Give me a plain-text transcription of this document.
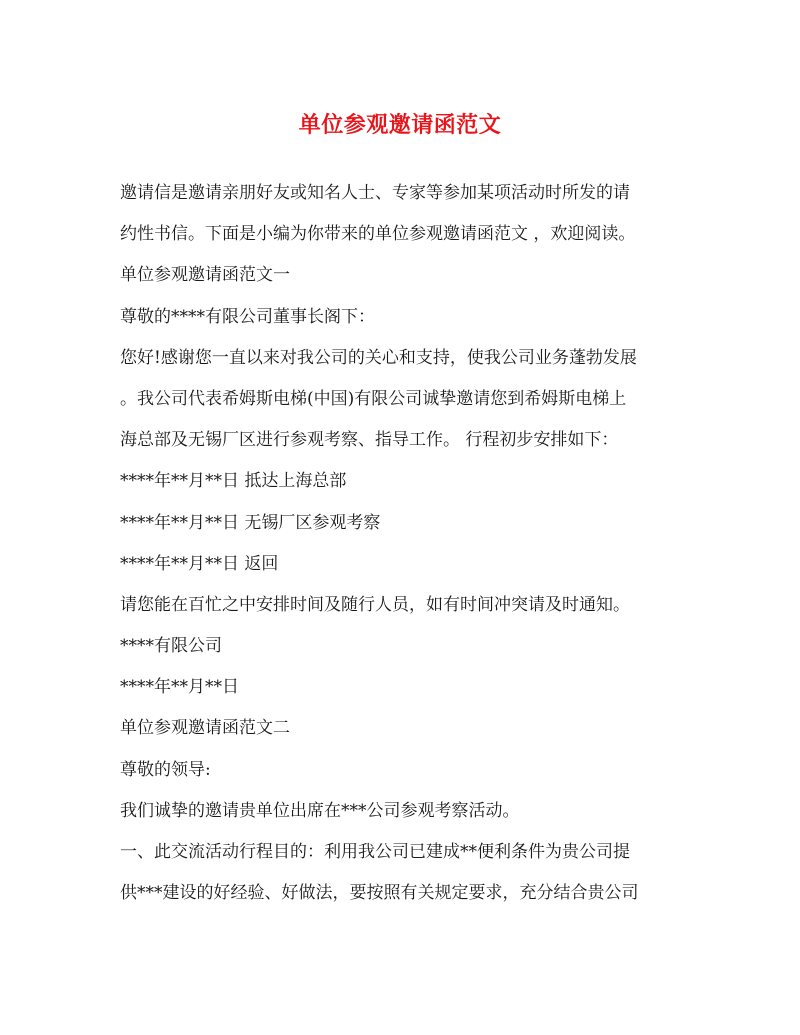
单位参观邀请函范文
邀请信是邀请亲朋好友或知名人士、专家等参加某项活动时所发的请
约性书信。下面是小编为你带来的单位参观邀请函范文 ，欢迎阅读。
单位参观邀请函范文一
尊敬的****有限公司董事长阁下：
您好!感谢您一直以来对我公司的关心和支持，使我公司业务蓬勃发展
。我公司代表希姆斯电梯(中国)有限公司诚挚邀请您到希姆斯电梯上
海总部及无锡厂区进行参观考察、指导工作。 行程初步安排如下：
****年**月**日 抵达上海总部
****年**月**日 无锡厂区参观考察
****年**月**日 返回
请您能在百忙之中安排时间及随行人员，如有时间冲突请及时通知。
****有限公司
****年**月**日
单位参观邀请函范文二
尊敬的领导:
我们诚挚的邀请贵单位出席在***公司参观考察活动。
一、此交流活动行程目的：利用我公司已建成**便利条件为贵公司提
供***建设的好经验、好做法，要按照有关规定要求，充分结合贵公司
